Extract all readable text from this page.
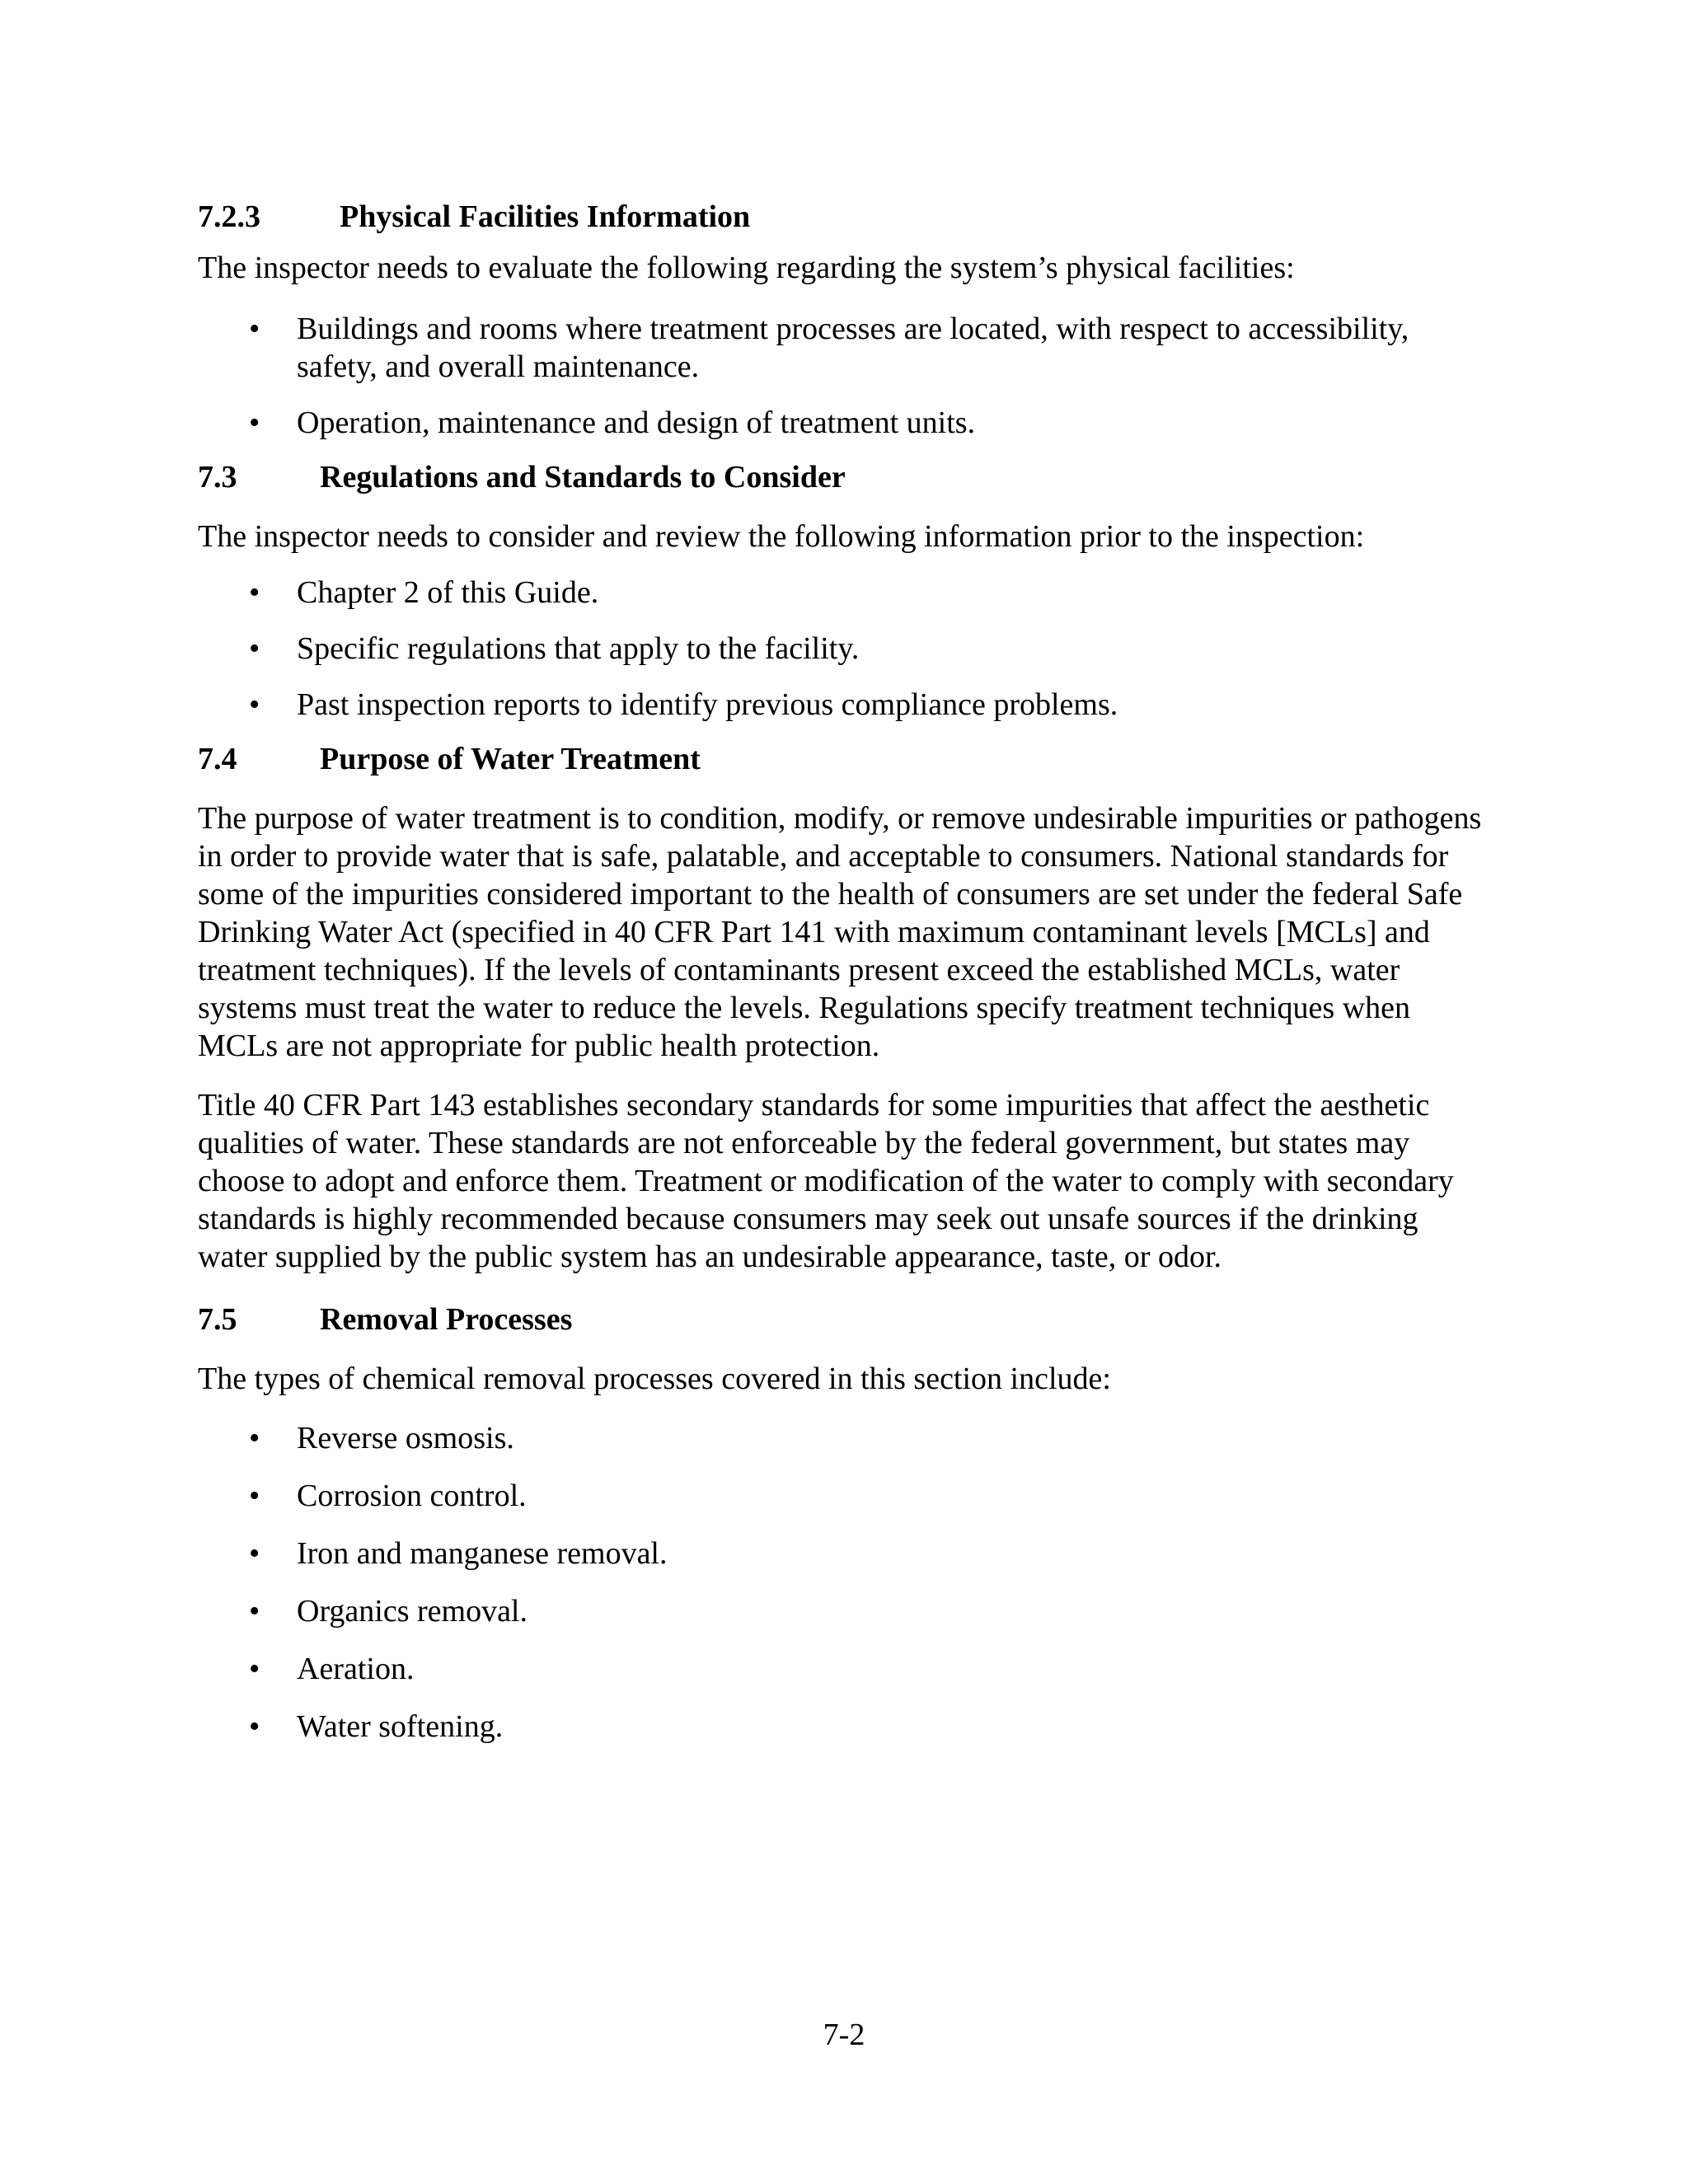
7.2.3	Physical Facilities Information

The inspector needs to evaluate the following regarding the system’s physical facilities:

• Buildings and rooms where treatment processes are located, with respect to accessibility, safety, and overall maintenance.
• Operation, maintenance and design of treatment units.
7.3	Regulations and Standards to Consider

The inspector needs to consider and review the following information prior to the inspection:

• Chapter 2 of this Guide.
• Specific regulations that apply to the facility.
• Past inspection reports to identify previous compliance problems.
7.4	Purpose of Water Treatment

The purpose of water treatment is to condition, modify, or remove undesirable impurities or pathogens in order to provide water that is safe, palatable, and acceptable to consumers. National standards for some of the impurities considered important to the health of consumers are set under the federal Safe Drinking Water Act (specified in 40 CFR Part 141 with maximum contaminant levels [MCLs] and treatment techniques). If the levels of contaminants present exceed the established MCLs, water systems must treat the water to reduce the levels. Regulations specify treatment techniques when MCLs are not appropriate for public health protection.

Title 40 CFR Part 143 establishes secondary standards for some impurities that affect the aesthetic qualities of water. These standards are not enforceable by the federal government, but states may choose to adopt and enforce them. Treatment or modification of the water to comply with secondary standards is highly recommended because consumers may seek out unsafe sources if the drinking water supplied by the public system has an undesirable appearance, taste, or odor.

7.5	Removal Processes

The types of chemical removal processes covered in this section include:

• Reverse osmosis.
• Corrosion control.
• Iron and manganese removal.
• Organics removal.
• Aeration.
• Water softening.
7-2
